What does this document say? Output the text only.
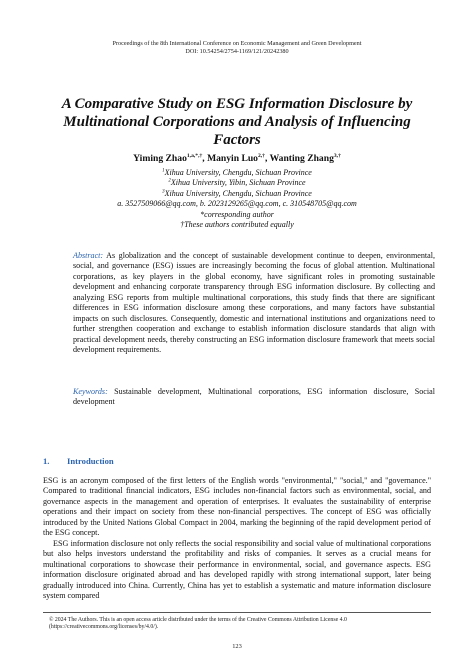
Proceedings of the 8th International Conference on Economic Management and Green Development
DOI: 10.54254/2754-1169/121/20242380
A Comparative Study on ESG Information Disclosure by Multinational Corporations and Analysis of Influencing Factors
Yiming Zhao$^{1,a,*,\dagger}$, Manyin Luo$^{2,\dagger}$, Wanting Zhang$^{3,\dagger}$
$^1$Xihua University, Chengdu, Sichuan Province
$^2$Xihua University, Yibin, Sichuan Province
$^3$Xihua University, Chengdu, Sichuan Province
a. 3527509066@qq.com, b. 2023129265@qq.com, c. 310548705@qq.com
*corresponding author
†These authors contributed equally
Abstract: As globalization and the concept of sustainable development continue to deepen, environmental, social, and governance (ESG) issues are increasingly becoming the focus of global attention. Multinational corporations, as key players in the global economy, have significant roles in promoting sustainable development and enhancing corporate transparency through ESG information disclosure. By collecting and analyzing ESG reports from multiple multinational corporations, this study finds that there are significant differences in ESG information disclosure among these corporations, and many factors have substantial impacts on such disclosures. Consequently, domestic and international institutions and organizations need to further strengthen cooperation and exchange to establish information disclosure standards that align with practical development needs, thereby constructing an ESG information disclosure framework that meets social development requirements.
Keywords: Sustainable development, Multinational corporations, ESG information disclosure, Social development
1. Introduction

ESG is an acronym composed of the first letters of the English words "environmental," "social," and "governance." Compared to traditional financial indicators, ESG includes non-financial factors such as environmental, social, and governance aspects in the management and operation of enterprises. It evaluates the sustainability of enterprise operations and their impact on society from these non-financial perspectives. The concept of ESG was officially introduced by the United Nations Global Compact in 2004, marking the beginning of the rapid development period of the ESG concept.

ESG information disclosure not only reflects the social responsibility and social value of multinational corporations but also helps investors understand the profitability and risks of companies. It serves as a crucial means for multinational corporations to showcase their performance in environmental, social, and governance aspects. ESG information disclosure originated abroad and has developed rapidly with strong international support, later being gradually introduced into China. Currently, China has yet to establish a systematic and mature information disclosure system compared

© 2024 The Authors. This is an open access article distributed under the terms of the Creative Commons Attribution License 4.0
(https://creativecommons.org/licenses/by/4.0/).
123
